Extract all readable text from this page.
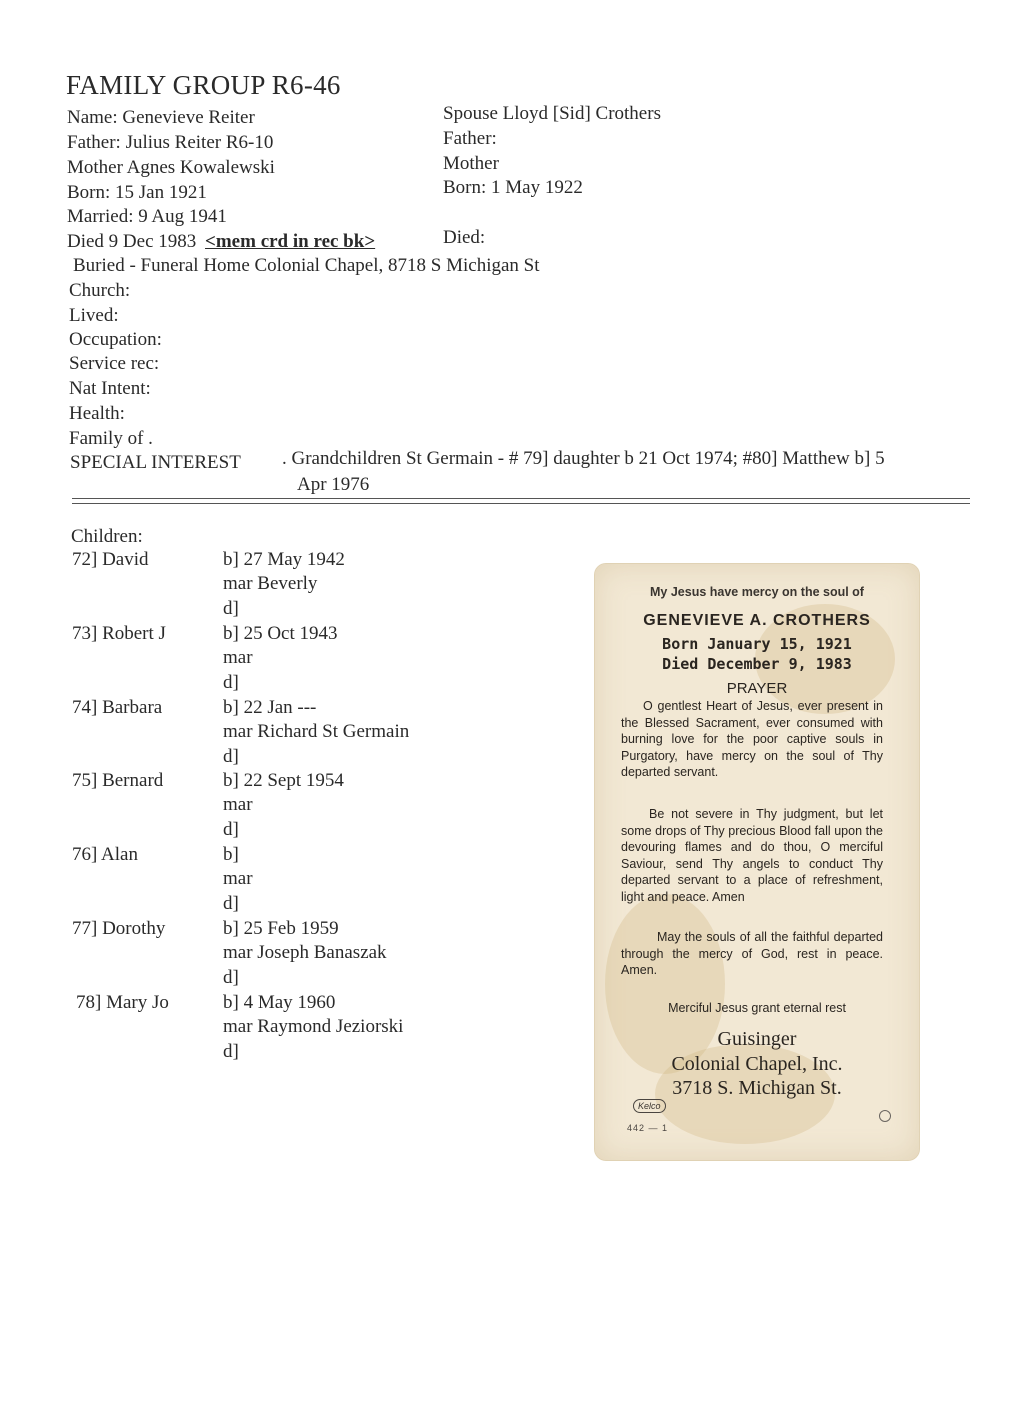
FAMILY GROUP R6-46
Name: Genevieve Reiter
Father: Julius Reiter R6-10
Mother Agnes Kowalewski
Born: 15 Jan 1921
Married: 9 Aug 1941
Died 9 Dec 1983 <mem crd in rec bk>
Buried - Funeral Home Colonial Chapel, 8718 S Michigan St
Church:
Lived:
Occupation:
Service rec:
Nat Intent:
Health:
Family of .
SPECIAL INTEREST . Grandchildren St Germain - # 79] daughter b 21 Oct 1974; #80] Matthew b] 5
Apr 1976
Spouse Lloyd [Sid] Crothers
Father:
Mother
Born: 1 May 1922
Died:
Children:
72] David	b] 27 May 1942
mar Beverly
d]
73] Robert J	b] 25 Oct 1943
mar
d]
74] Barbara	b] 22 Jan ---
mar Richard St Germain
d]
75] Bernard	b] 22 Sept 1954
mar
d]
76] Alan	b]
mar
d]
77] Dorothy	b] 25 Feb 1959
mar Joseph Banaszak
d]
78] Mary Jo	b] 4 May 1960
mar Raymond Jeziorski
d]
My Jesus have mercy on the soul of
GENEVIEVE A. CROTHERS
Born January 15, 1921
Died December 9, 1983
PRAYER
O gentlest Heart of Jesus, ever present in the Blessed Sacrament, ever consumed with burning love for the poor captive souls in Purgatory, have mercy on the soul of Thy departed servant.
Be not severe in Thy judgment, but let some drops of Thy precious Blood fall upon the devouring flames and do thou, O merciful Saviour, send Thy angels to conduct Thy departed servant to a place of refreshment, light and peace. Amen
May the souls of all the faithful departed through the mercy of God, rest in peace. Amen.
Merciful Jesus grant eternal rest
Guisinger
Colonial Chapel, Inc.
3718 S. Michigan St.
Kelco
442 — 1
